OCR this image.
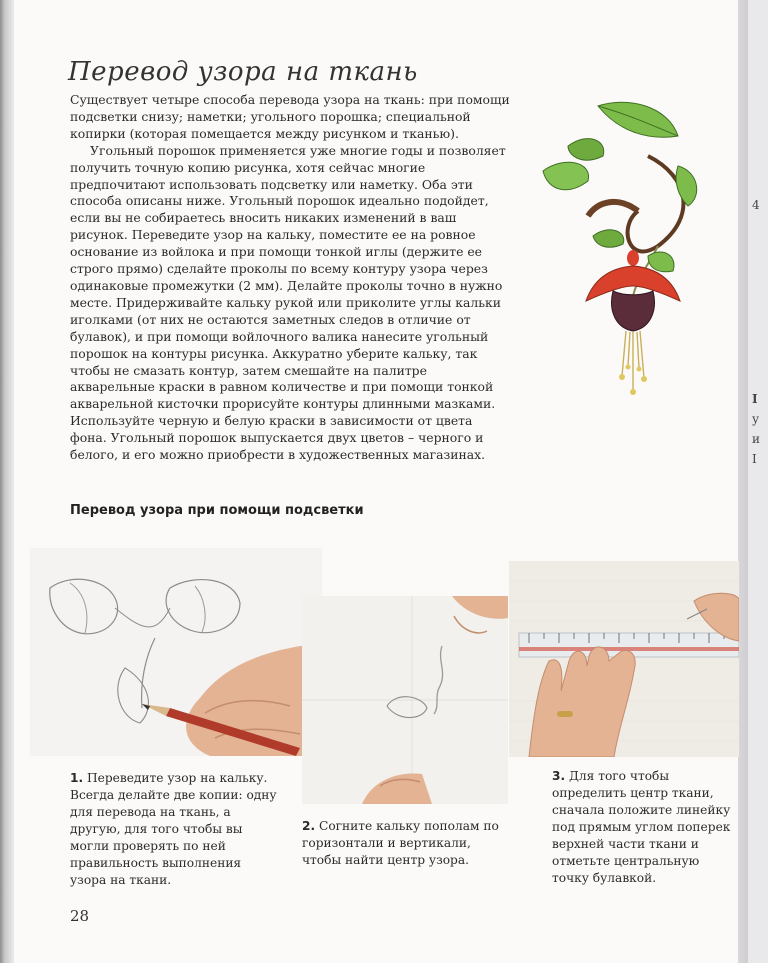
4
I
у
и
I
Перевод узора на ткань

Существует четыре способа перевода узора на ткань: при помощи подсветки снизу; наметки; угольного порошка; специальной копирки (которая помещается между рисунком и тканью).

Угольный порошок применяется уже многие годы и позволяет получить точную копию рисунка, хотя сейчас многие предпочитают использовать подсветку или наметку. Оба эти способа описаны ниже. Угольный порошок идеально подойдет, если вы не собираетесь вносить никаких изменений в ваш рисунок. Переведите узор на кальку, поместите ее на ровное основание из войлока и при помощи тонкой иглы (держите ее строго прямо) сделайте проколы по всему контуру узора через одинаковые промежутки (2 мм). Делайте проколы точно в нужно месте. Придерживайте кальку рукой или приколите углы кальки иголками (от них не остаются заметных следов в отличие от булавок), и при помощи войлочного валика нанесите угольный порошок на контуры рисунка. Аккуратно уберите кальку, так чтобы не смазать контур, затем смешайте на палитре акварельные краски в равном количестве и при помощи тонкой акварельной кисточки прорисуйте контуры длинными мазками. Используйте черную и белую краски в зависимости от цвета фона. Угольный порошок выпускается двух цветов – черного и белого, и его можно приобрести в художественных магазинах.

Перевод узора при помощи подсветки

1. Переведите узор на кальку. Всегда делайте две копии: одну для перевода на ткань, а другую, для того чтобы вы могли проверять по ней правильность выполнения узора на ткани.

2. Согните кальку пополам по горизонтали и вертикали, чтобы найти центр узора.

3. Для того чтобы определить центр ткани, сначала положите линейку под прямым углом поперек верхней части ткани и отметьте центральную точку булавкой.

28
